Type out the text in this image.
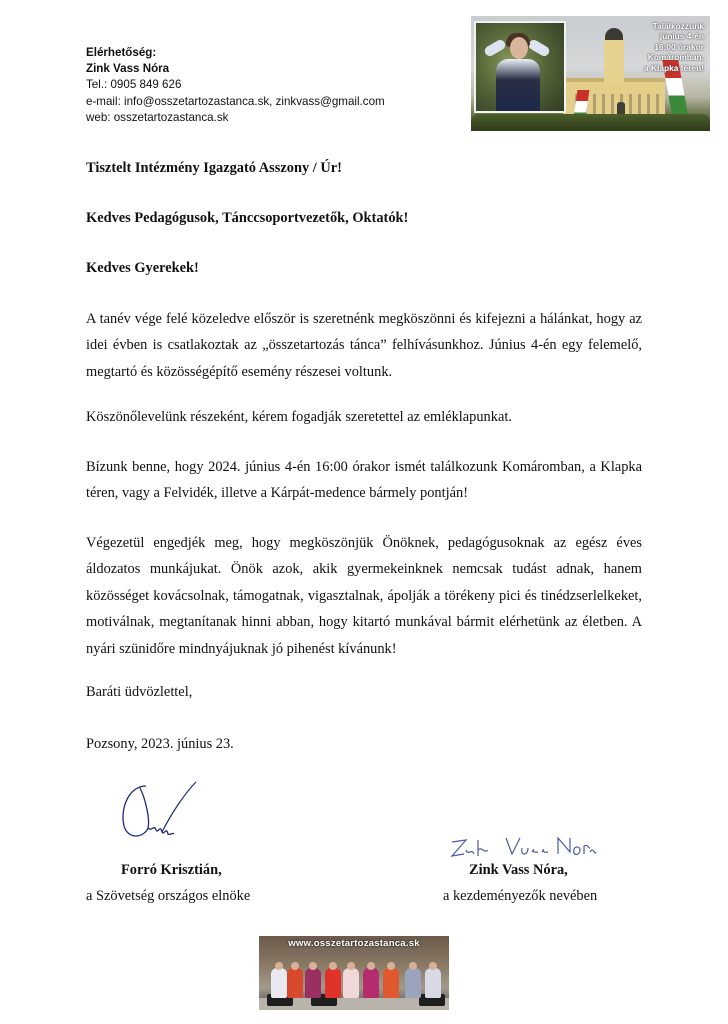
Elérhetőség:
Zink Vass Nóra
Tel.: 0905 849 626
e-mail: info@osszetartozastanca.sk, zinkvass@gmail.com
web: osszetartozastanca.sk
Találkozzunk
június 4-én
16:00 órakor
Komáromban,
a Klapka téren!
Tisztelt Intézmény Igazgató Asszony / Úr!
Kedves Pedagógusok, Tánccsoportvezetők, Oktatók!
Kedves Gyerekek!
A tanév vége felé közeledve először is szeretnénk megköszönni és kifejezni a hálánkat, hogy az idei évben is csatlakoztak az „összetartozás tánca” felhívásunkhoz. Június 4-én egy felemelő, megtartó és közösségépítő esemény részesei voltunk.
Köszönőlevelünk részeként, kérem fogadják szeretettel az emléklapunkat.
Bízunk benne, hogy 2024. június 4-én 16:00 órakor ismét találkozunk Komáromban, a Klapka téren, vagy a Felvidék, illetve a Kárpát-medence bármely pontján!
Végezetül engedjék meg, hogy megköszönjük Önöknek, pedagógusoknak az egész éves áldozatos munkájukat. Önök azok, akik gyermekeinknek nemcsak tudást adnak, hanem közösséget kovácsolnak, támogatnak, vigasztalnak, ápolják a törékeny pici és tinédzserlelkeket, motiválnak, megtanítanak hinni abban, hogy kitartó munkával bármit elérhetünk az életben. A nyári szünidőre mindnyájuknak jó pihenést kívánunk!
Baráti üdvözlettel,
Pozsony, 2023. június 23.
Forró Krisztián,
a Szövetség országos elnöke
Zink Vass Nóra,
a kezdeményezők nevében
www.osszetartozastanca.sk
